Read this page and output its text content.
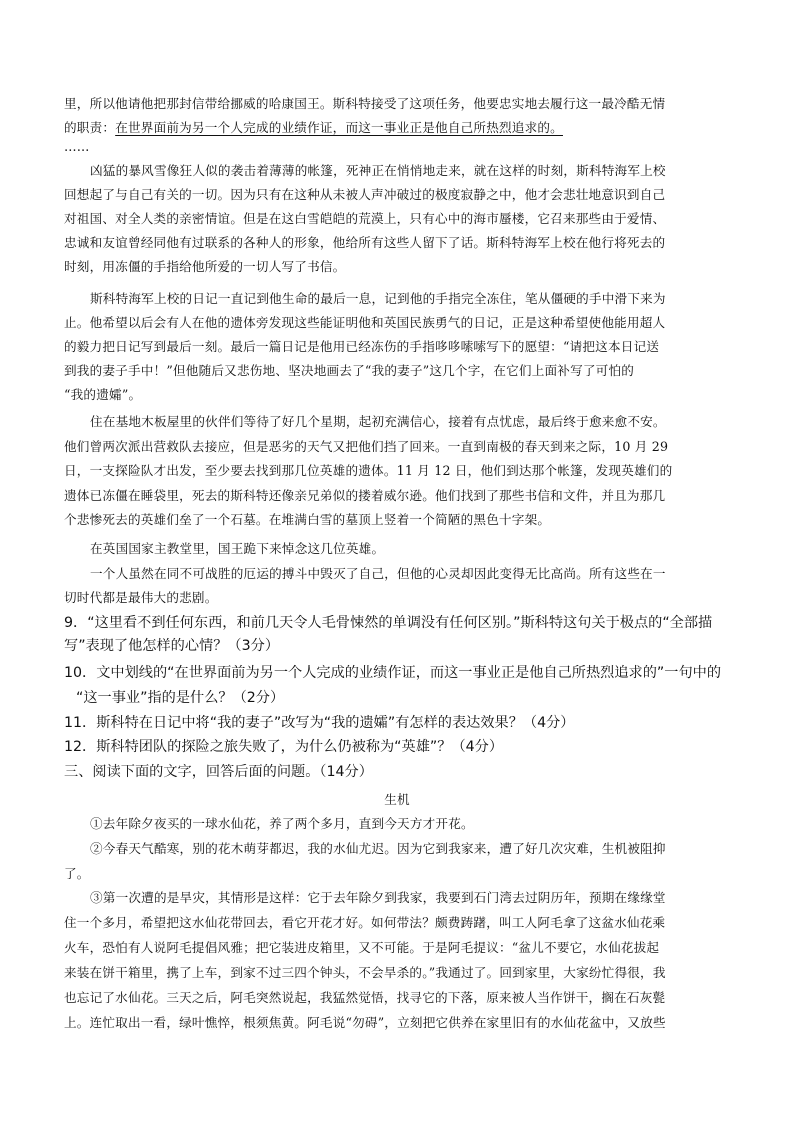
里，所以他请他把那封信带给挪威的哈康国王。斯科特接受了这项任务，他要忠实地去履行这一最冷酷无情
的职责：在世界面前为另一个人完成的业绩作证，而这一事业正是他自己所热烈追求的。
……
凶猛的暴风雪像狂人似的袭击着薄薄的帐篷，死神正在悄悄地走来，就在这样的时刻，斯科特海军上校
回想起了与自己有关的一切。因为只有在这种从未被人声冲破过的极度寂静之中，他才会悲壮地意识到自己
对祖国、对全人类的亲密情谊。但是在这白雪皑皑的荒漠上，只有心中的海市蜃楼，它召来那些由于爱情、
忠诚和友谊曾经同他有过联系的各种人的形象，他给所有这些人留下了话。斯科特海军上校在他行将死去的
时刻，用冻僵的手指给他所爱的一切人写了书信。
斯科特海军上校的日记一直记到他生命的最后一息，记到他的手指完全冻住，笔从僵硬的手中滑下来为
止。他希望以后会有人在他的遗体旁发现这些能证明他和英国民族勇气的日记，正是这种希望使他能用超人
的毅力把日记写到最后一刻。最后一篇日记是他用已经冻伤的手指哆哆嗦嗦写下的愿望：“请把这本日记送
到我的妻子手中！”但他随后又悲伤地、坚决地画去了“我的妻子”这几个字，在它们上面补写了可怕的
“我的遗孀”。
住在基地木板屋里的伙伴们等待了好几个星期，起初充满信心，接着有点忧虑，最后终于愈来愈不安。
他们曾两次派出营救队去接应，但是恶劣的天气又把他们挡了回来。一直到南极的春天到来之际，10 月 29
日，一支探险队才出发，至少要去找到那几位英雄的遗体。11 月 12 日，他们到达那个帐篷，发现英雄们的
遗体已冻僵在睡袋里，死去的斯科特还像亲兄弟似的搂着威尔逊。他们找到了那些书信和文件，并且为那几
个悲惨死去的英雄们垒了一个石墓。在堆满白雪的墓顶上竖着一个简陋的黑色十字架。
在英国国家主教堂里，国王跪下来悼念这几位英雄。
一个人虽然在同不可战胜的厄运的搏斗中毁灭了自己，但他的心灵却因此变得无比高尚。所有这些在一
切时代都是最伟大的悲剧。
9．“这里看不到任何东西，和前几天令人毛骨悚然的单调没有任何区别。”斯科特这句关于极点的“全部描
写”表现了他怎样的心情？（3分）
10．文中划线的“在世界面前为另一个人完成的业绩作证，而这一事业正是他自己所热烈追求的”一句中的
“这一事业”指的是什么？（2分）
11．斯科特在日记中将“我的妻子”改写为“我的遗孀”有怎样的表达效果？（4分）
12．斯科特团队的探险之旅失败了，为什么仍被称为“英雄”？（4分）
三、阅读下面的文字，回答后面的问题。（14分）
生机
①去年除夕夜买的一球水仙花，养了两个多月，直到今天方才开花。
②今春天气酷寒，别的花木萌芽都迟，我的水仙尤迟。因为它到我家来，遭了好几次灾难，生机被阻抑
了。
③第一次遭的是旱灾，其情形是这样：它于去年除夕到我家，我要到石门湾去过阴历年，预期在缘缘堂
住一个多月，希望把这水仙花带回去，看它开花才好。如何带法？颇费踌躇，叫工人阿毛拿了这盆水仙花乘
火车，恐怕有人说阿毛提倡风雅；把它装进皮箱里，又不可能。于是阿毛提议：“盆儿不要它，水仙花拔起
来装在饼干箱里，携了上车，到家不过三四个钟头，不会旱杀的。”我通过了。回到家里，大家纷忙得很，我
也忘记了水仙花。三天之后，阿毛突然说起，我猛然觉悟，找寻它的下落，原来被人当作饼干，搁在石灰甏
上。连忙取出一看，绿叶憔悴，根须焦黄。阿毛说“勿碍”，立刻把它供养在家里旧有的水仙花盆中，又放些
